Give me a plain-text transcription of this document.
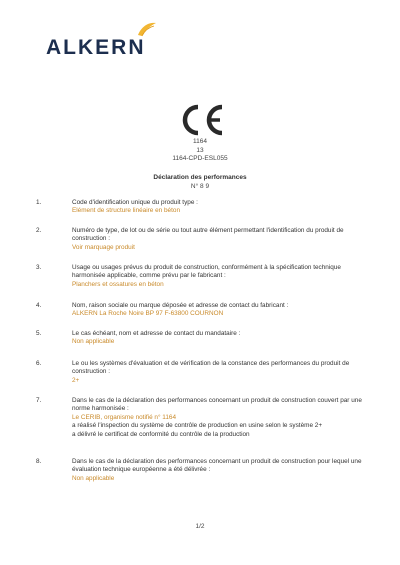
ALKERN
1164
13
1164-CPD-ESL055
Déclaration des performances
N° 8 9
1.	Code d'identification unique du produit type :
Elément de structure linéaire en béton
2.	Numéro de type, de lot ou de série ou tout autre élément permettant l'identification du produit de construction :
Voir marquage produit
3.	Usage ou usages prévus du produit de construction, conformément à la spécification technique harmonisée applicable, comme prévu par le fabricant :
Planchers et ossatures en béton
4.	Nom, raison sociale ou marque déposée et adresse de contact du fabricant :
ALKERN La Roche Noire BP 97 F-63800 COURNON
5.	Le cas échéant, nom et adresse de contact du mandataire :
Non applicable
6.	Le ou les systèmes d'évaluation et de vérification de la constance des performances du produit de construction :
2+
7.	Dans le cas de la déclaration des performances concernant un produit de construction couvert par une norme harmonisée :
Le CERIB, organisme notifié n° 1164
a réalisé l'inspection du système de contrôle de production en usine selon le système 2+
a délivré le certificat de conformité du contrôle de la production
8.	Dans le cas de la déclaration des performances concernant un produit de construction pour lequel une évaluation technique européenne a été délivrée :
Non applicable
1/2
